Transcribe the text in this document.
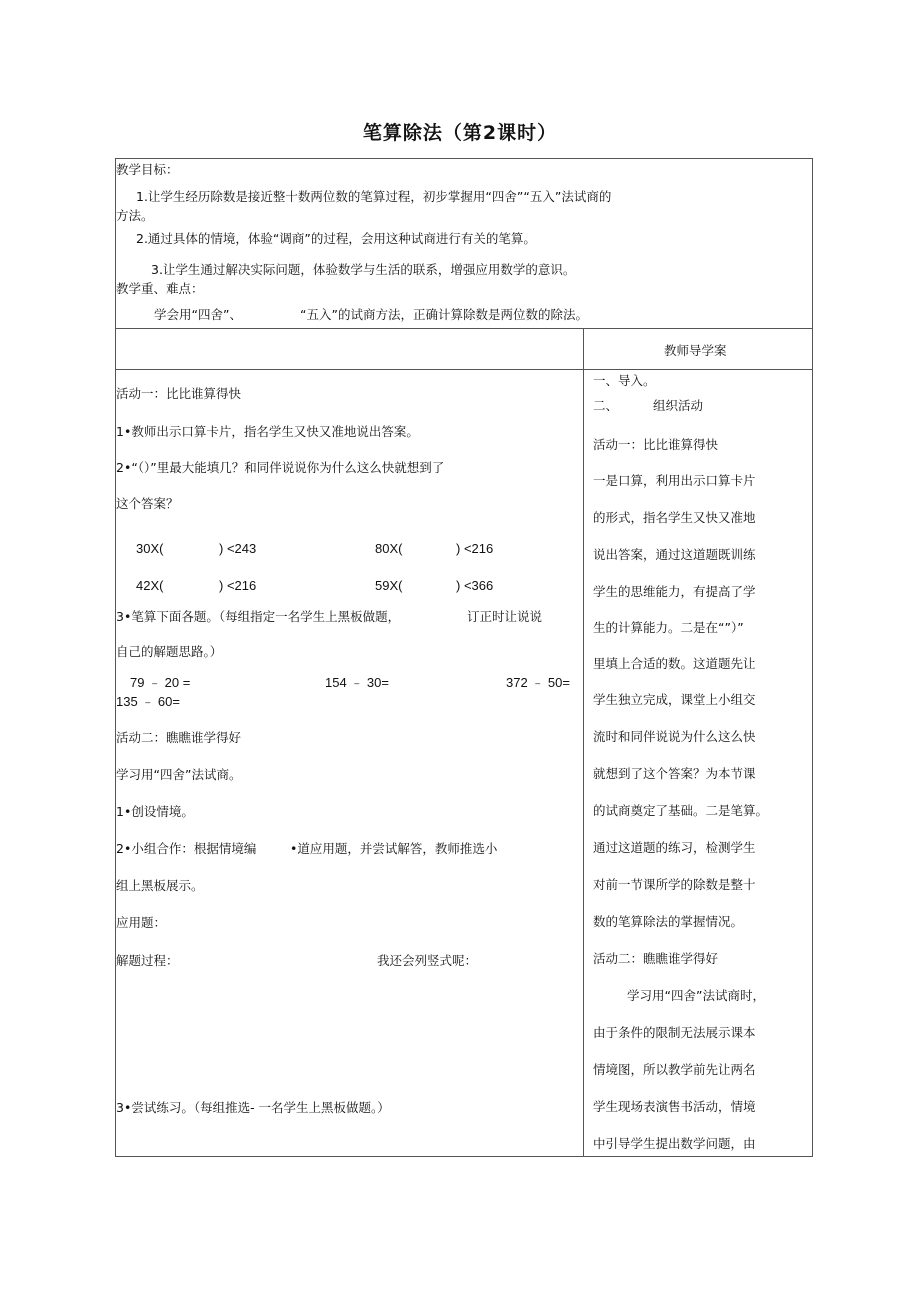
笔算除法（第2课时）
教学目标：
1.让学生经历除数是接近整十数两位数的笔算过程，初步掌握用“四舍”“五入”法试商的
方法。
2.通过具体的情境，体验“调商”的过程，会用这种试商进行有关的笔算。
3.让学生通过解决实际问题，体验数学与生活的联系，增强应用数学的意识。
教学重、难点：
学会用“四舍”、	“五入”的试商方法，正确计算除数是两位数的除法。
教师导学案
活动一：比比谁算得快
1•教师出示口算卡片，指名学生又快又准地说出答案。
2•“（）”里最大能填几？和同伴说说你为什么这么快就想到了
这个答案？
30X(	) <243	80X(	) <216
42X(	) <216	59X(	) <366
3•笔算下面各题。（每组指定一名学生上黑板做题，	订正时让说说
自己的解题思路。）
79 ﹣ 20 =	154 ﹣ 30=	372 ﹣ 50=
135 ﹣ 60=
活动二：瞧瞧谁学得好
学习用“四舍”法试商。
1•创设情境。
2•小组合作：根据情境编	•道应用题，并尝试解答，教师推选小
组上黑板展示。
应用题：
解题过程：	我还会列竖式呢：
3•尝试练习。（每组推选- 一名学生上黑板做题。）
一、导入。
二、	组织活动
活动一：比比谁算得快
一是口算，利用出示口算卡片
的形式，指名学生又快又准地
说出答案，通过这道题既训练
学生的思维能力，有提高了学
生的计算能力。二是在“”）”
里填上合适的数。这道题先让
学生独立完成，课堂上小组交
流时和同伴说说为什么这么快
就想到了这个答案？为本节课
的试商奠定了基础。二是笔算。
通过这道题的练习，检测学生
对前一节课所学的除数是整十
数的笔算除法的掌握情况。
活动二：瞧瞧谁学得好
学习用“四舍”法试商时，
由于条件的限制无法展示课本
情境图，所以教学前先让两名
学生现场表演售书活动，情境
中引导学生提出数学问题，由
